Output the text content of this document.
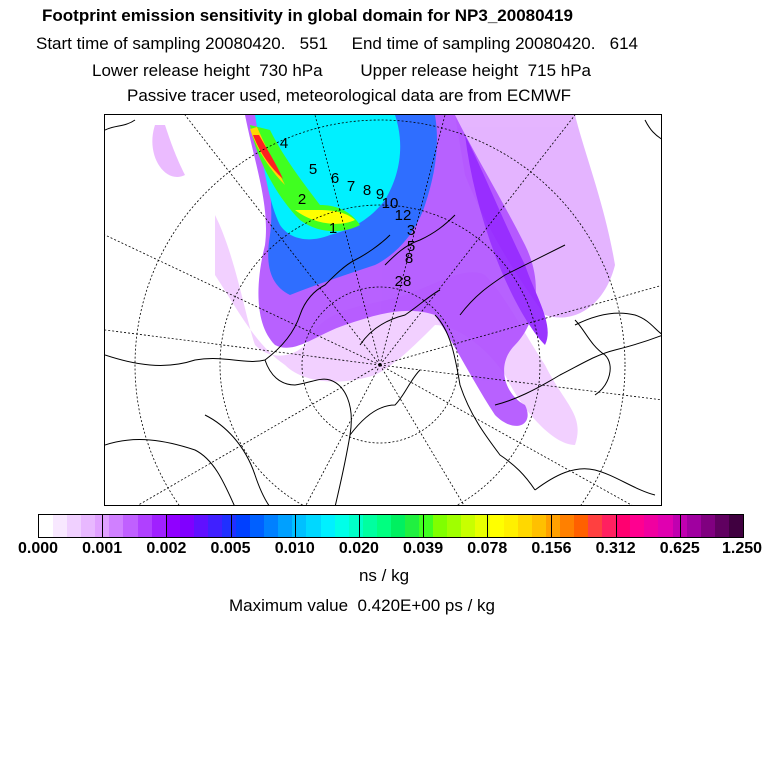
Footprint emission sensitivity in global domain for NP3_20080419
Start time of sampling 20080420.   551     End time of sampling 20080420.   614
Lower release height  730 hPa        Upper release height  715 hPa
Passive tracer used, meteorological data are from ECMWF
4
5
6 7 8 9
10
12
2
1	3
5
8
28
0.000 0.001 0.002 0.005 0.010 0.020 0.039 0.078 0.156 0.312 0.625 1.250
ns / kg
Maximum value  0.420E+00 ps / kg
